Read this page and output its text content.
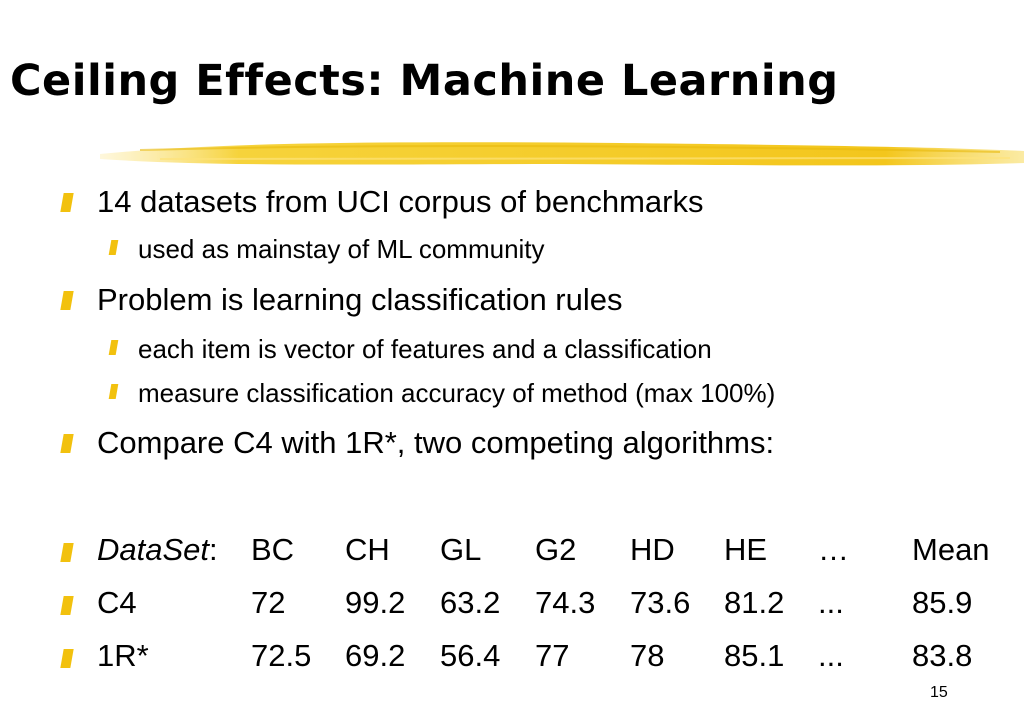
Ceiling Effects: Machine Learning
14 datasets from UCI corpus of benchmarks
used as mainstay of ML community
Problem is learning classification rules
each item is vector of features and a classification
measure classification accuracy of method (max 100%)
Compare C4 with 1R*, two competing algorithms:
DataSet: BC CH GL G2 HD HE … Mean
C4	72 99.2 63.2 74.3 73.6 81.2 ... 85.9
1R*	72.5 69.2 56.4 77 78 85.1 ... 83.8
15
